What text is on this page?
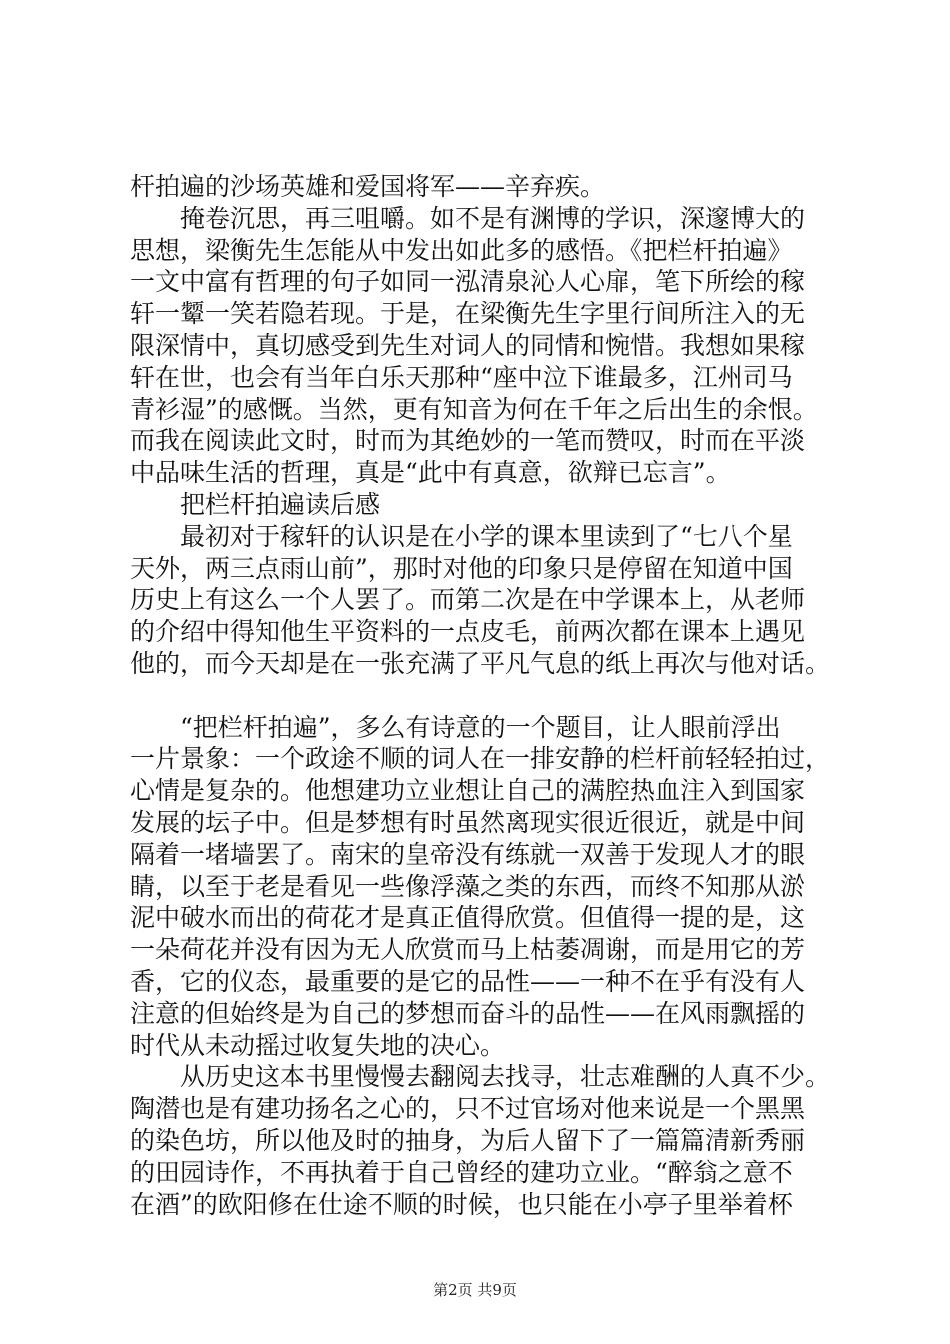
杆拍遍的沙场英雄和爱国将军——辛弃疾。
掩卷沉思，再三咀嚼。如不是有渊博的学识，深邃博大的
思想，梁衡先生怎能从中发出如此多的感悟。《把栏杆拍遍》
一文中富有哲理的句子如同一泓清泉沁人心扉，笔下所绘的稼
轩一颦一笑若隐若现。于是，在梁衡先生字里行间所注入的无
限深情中，真切感受到先生对词人的同情和惋惜。我想如果稼
轩在世，也会有当年白乐天那种“座中泣下谁最多，江州司马
青衫湿”的感慨。当然，更有知音为何在千年之后出生的余恨。
而我在阅读此文时，时而为其绝妙的一笔而赞叹，时而在平淡
中品味生活的哲理，真是“此中有真意，欲辩已忘言”。
把栏杆拍遍读后感
最初对于稼轩的认识是在小学的课本里读到了“七八个星
天外，两三点雨山前”，那时对他的印象只是停留在知道中国
历史上有这么一个人罢了。而第二次是在中学课本上，从老师
的介绍中得知他生平资料的一点皮毛，前两次都在课本上遇见
他的，而今天却是在一张充满了平凡气息的纸上再次与他对话。
“把栏杆拍遍”，多么有诗意的一个题目，让人眼前浮出
一片景象：一个政途不顺的词人在一排安静的栏杆前轻轻拍过，
心情是复杂的。他想建功立业想让自己的满腔热血注入到国家
发展的坛子中。但是梦想有时虽然离现实很近很近，就是中间
隔着一堵墙罢了。南宋的皇帝没有练就一双善于发现人才的眼
睛，以至于老是看见一些像浮藻之类的东西，而终不知那从淤
泥中破水而出的荷花才是真正值得欣赏。但值得一提的是，这
一朵荷花并没有因为无人欣赏而马上枯萎凋谢，而是用它的芳
香，它的仪态，最重要的是它的品性——一种不在乎有没有人
注意的但始终是为自己的梦想而奋斗的品性——在风雨飘摇的
时代从未动摇过收复失地的决心。
从历史这本书里慢慢去翻阅去找寻，壮志难酬的人真不少。
陶潜也是有建功扬名之心的，只不过官场对他来说是一个黑黑
的染色坊，所以他及时的抽身，为后人留下了一篇篇清新秀丽
的田园诗作，不再执着于自己曾经的建功立业。“醉翁之意不
在酒”的欧阳修在仕途不顺的时候，也只能在小亭子里举着杯
第2页 共9页
